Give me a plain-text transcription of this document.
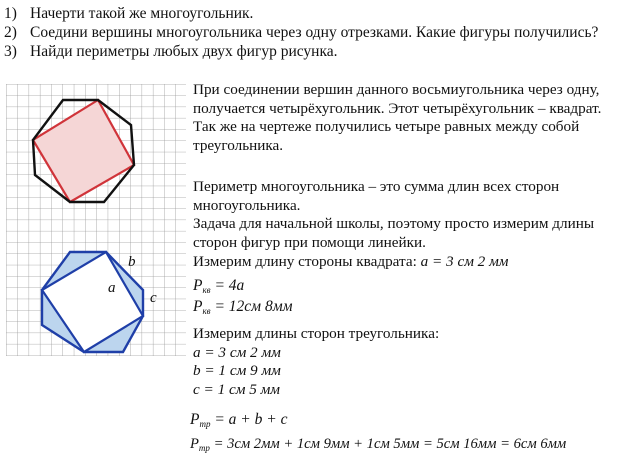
1) Начерти такой же многоугольник.
2) Соедини вершины многоугольника через одну отрезками. Какие фигуры получились?
3) Найди периметры любых двух фигур рисунка.
b
a
c
При соединении вершин данного восьмиугольника через одну,
получается четырёхугольник. Этот четырёхугольник – квадрат.
Так же на чертеже получились четыре равных между собой
треугольника.
Периметр многоугольника – это сумма длин всех сторон
многоугольника.
Задача для начальной школы, поэтому просто измерим длины
сторон фигур при помощи линейки.
Измерим длину стороны квадрата: a = 3 см 2 мм
$P_{кв} = 4a$
$P_{кв} = 12см$ 8мм
Измерим длины сторон треугольника:
a = 3 см 2 мм
b = 1 см 9 мм
c = 1 см 5 мм
$P_{тр} = a + b + c$
$P_{тр} = 3см$ 2мм + 1см 9мм + 1см 5мм = 5см 16мм = 6см 6мм
